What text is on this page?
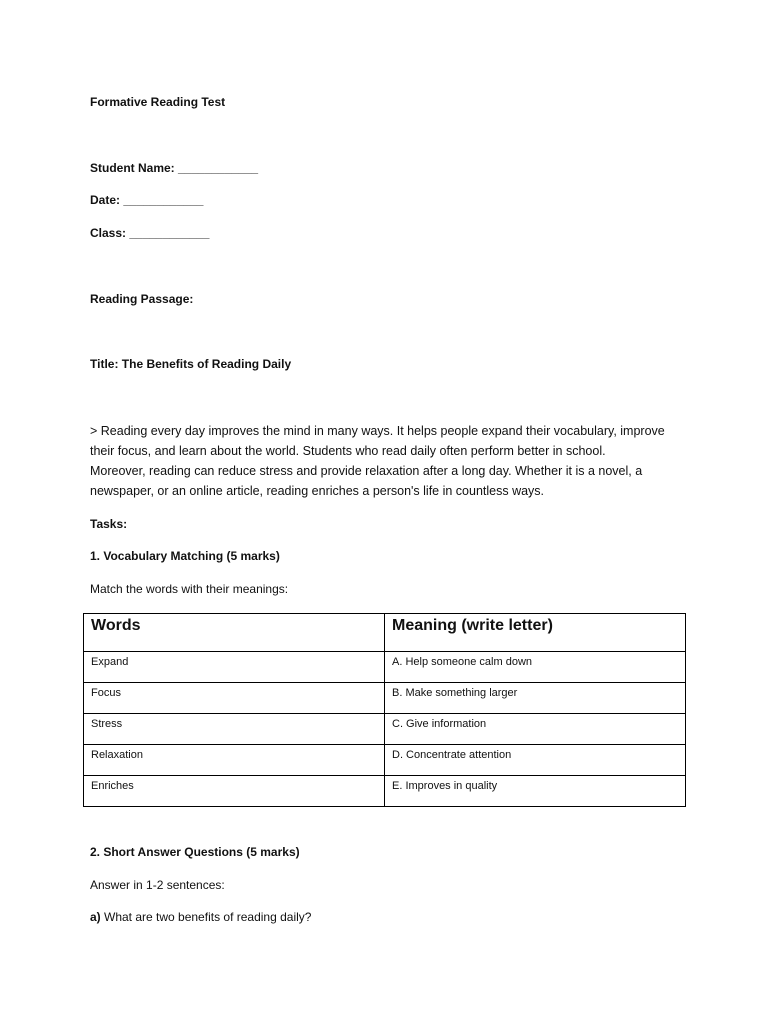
Formative Reading Test
Student Name: ____________
Date: ____________
Class: ____________
Reading Passage:
Title: The Benefits of Reading Daily
> Reading every day improves the mind in many ways. It helps people expand their vocabulary, improve
their focus, and learn about the world. Students who read daily often perform better in school.
Moreover, reading can reduce stress and provide relaxation after a long day. Whether it is a novel, a
newspaper, or an online article, reading enriches a person's life in countless ways.
Tasks:
1. Vocabulary Matching (5 marks)
Match the words with their meanings:
Words	Meaning (write letter)
Expand	A. Help someone calm down
Focus	B. Make something larger
Stress	C. Give information
Relaxation	D. Concentrate attention
Enriches	E. Improves in quality
2. Short Answer Questions (5 marks)
Answer in 1-2 sentences:
a) What are two benefits of reading daily?
